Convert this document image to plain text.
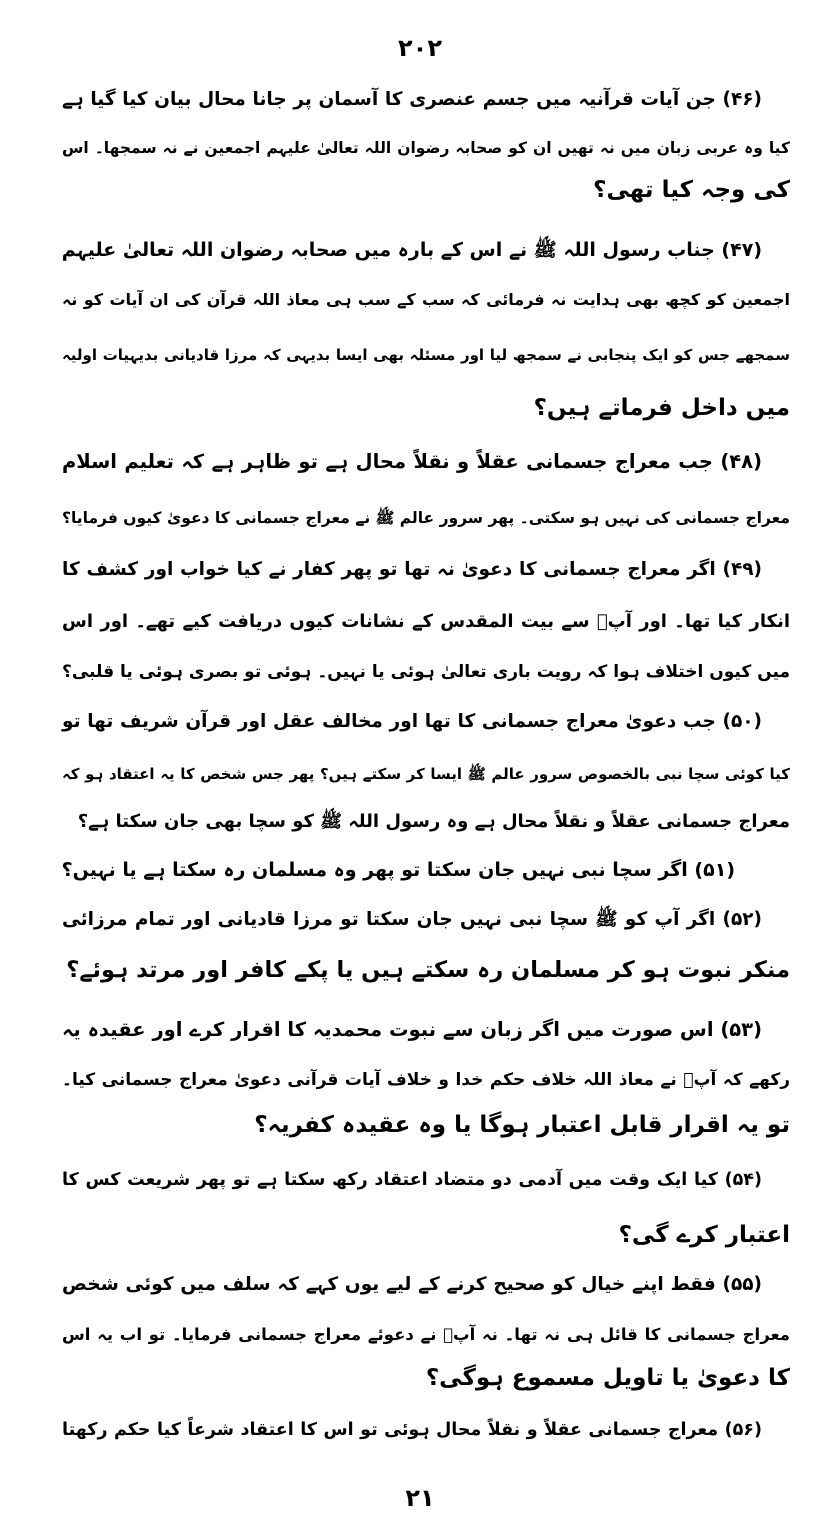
۲۰۲
(۴۶) جن آیات قرآنیہ میں جسم عنصری کا آسمان پر جانا محال بیان کیا گیا ہے
کیا وہ عربی زبان میں نہ تھیں ان کو صحابہ رضوان اللہ تعالیٰ علیہم اجمعین نے نہ سمجھا۔ اس
کی وجہ کیا تھی؟
(۴۷) جناب رسول اللہ ﷺ نے اس کے بارہ میں صحابہ رضوان اللہ تعالیٰ علیہم
اجمعین کو کچھ بھی ہدایت نہ فرمائی کہ سب کے سب ہی معاذ اللہ قرآن کی ان آیات کو نہ
سمجھے جس کو ایک پنجابی نے سمجھ لیا اور مسئلہ بھی ایسا بدیہی کہ مرزا قادیانی بدیہیات اولیہ
میں داخل فرماتے ہیں؟
(۴۸) جب معراج جسمانی عقلاً و نقلاً محال ہے تو ظاہر ہے کہ تعلیم اسلام
معراج جسمانی کی نہیں ہو سکتی۔ پھر سرور عالم ﷺ نے معراج جسمانی کا دعویٰ کیوں فرمایا؟
(۴۹) اگر معراج جسمانی کا دعویٰ نہ تھا تو پھر کفار نے کیا خواب اور کشف کا
انکار کیا تھا۔ اور آپؐ سے بیت المقدس کے نشانات کیوں دریافت کیے تھے۔ اور اس
میں کیوں اختلاف ہوا کہ رویت باری تعالیٰ ہوئی یا نہیں۔ ہوئی تو بصری ہوئی یا قلبی؟
(۵۰) جب دعویٰ معراج جسمانی کا تھا اور مخالف عقل اور قرآن شریف تھا تو
کیا کوئی سچا نبی بالخصوص سرور عالم ﷺ ایسا کر سکتے ہیں؟ پھر جس شخص کا یہ اعتقاد ہو کہ
معراج جسمانی عقلاً و نقلاً محال ہے وہ رسول اللہ ﷺ کو سچا بھی جان سکتا ہے؟
(۵۱) اگر سچا نبی نہیں جان سکتا تو پھر وہ مسلمان رہ سکتا ہے یا نہیں؟
(۵۲) اگر آپ کو ﷺ سچا نبی نہیں جان سکتا تو مرزا قادیانی اور تمام مرزائی
منکر نبوت ہو کر مسلمان رہ سکتے ہیں یا پکے کافر اور مرتد ہوئے؟
(۵۳) اس صورت میں اگر زبان سے نبوت محمدیہ کا اقرار کرے اور عقیدہ یہ
رکھے کہ آپؐ نے معاذ اللہ خلاف حکم خدا و خلاف آیات قرآنی دعویٰ معراج جسمانی کیا۔
تو یہ اقرار قابل اعتبار ہوگا یا وہ عقیدہ کفریہ؟
(۵۴) کیا ایک وقت میں آدمی دو متضاد اعتقاد رکھ سکتا ہے تو پھر شریعت کس کا
اعتبار کرے گی؟
(۵۵) فقط اپنے خیال کو صحیح کرنے کے لیے یوں کہے کہ سلف میں کوئی شخص
معراج جسمانی کا قائل ہی نہ تھا۔ نہ آپؐ نے دعوئے معراج جسمانی فرمایا۔ تو اب یہ اس
کا دعویٰ یا تاویل مسموع ہوگی؟
(۵۶) معراج جسمانی عقلاً و نقلاً محال ہوئی تو اس کا اعتقاد شرعاً کیا حکم رکھتا
۲۱
